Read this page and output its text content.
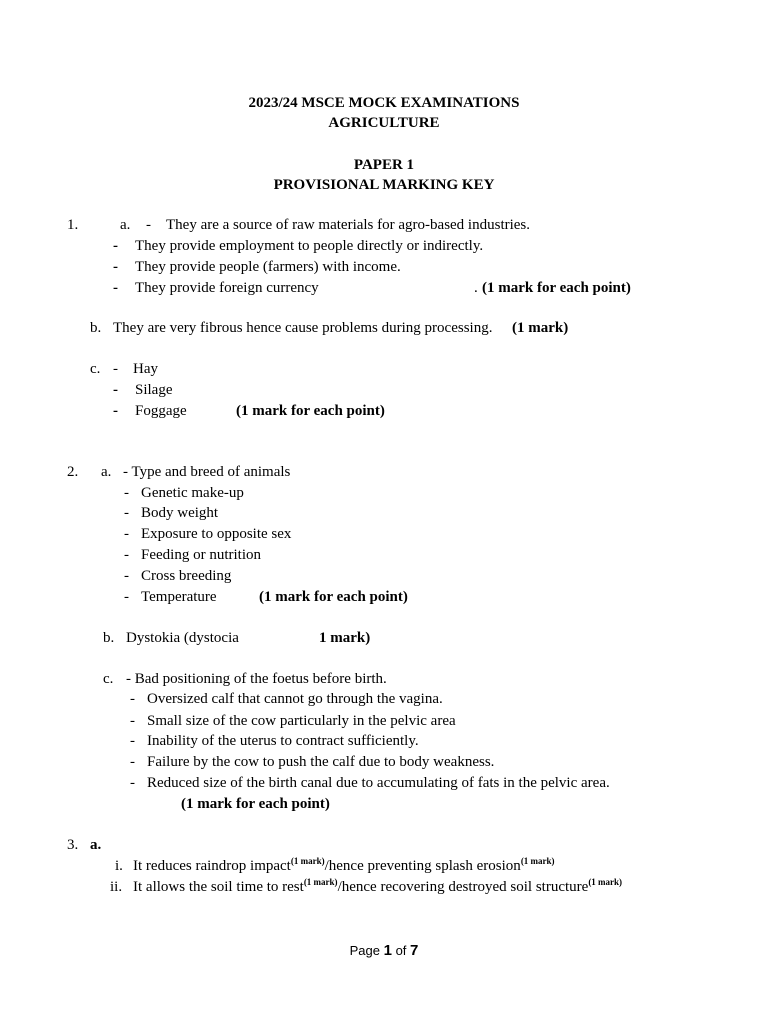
2023/24 MSCE MOCK EXAMINATIONS
AGRICULTURE
PAPER 1
PROVISIONAL MARKING KEY
1.	a. - They are a source of raw materials for agro-based industries.
- They provide employment to people directly or indirectly.
- They provide people (farmers) with income.
- They provide foreign currency	. (1 mark for each point)
b. They are very fibrous hence cause problems during processing. (1 mark)
c. - Hay
- Silage
- Foggage	(1 mark for each point)
2. a. - Type and breed of animals
- Genetic make-up
- Body weight
- Exposure to opposite sex
- Feeding or nutrition
- Cross breeding
- Temperature	(1 mark for each point)
b. Dystokia (dystocia	1 mark)
c. - Bad positioning of the foetus before birth.
- Oversized calf that cannot go through the vagina.
- Small size of the cow particularly in the pelvic area
- Inability of the uterus to contract sufficiently.
- Failure by the cow to push the calf due to body weakness.
- Reduced size of the birth canal due to accumulating of fats in the pelvic area.
(1 mark for each point)
3. a.
i. It reduces raindrop impact$^{(1 mark)}$/hence preventing splash erosion$^{(1 mark)}$
ii. It allows the soil time to rest$^{(1 mark)}$/hence recovering destroyed soil structure$^{(1 mark)}$
Page 1 of 7
